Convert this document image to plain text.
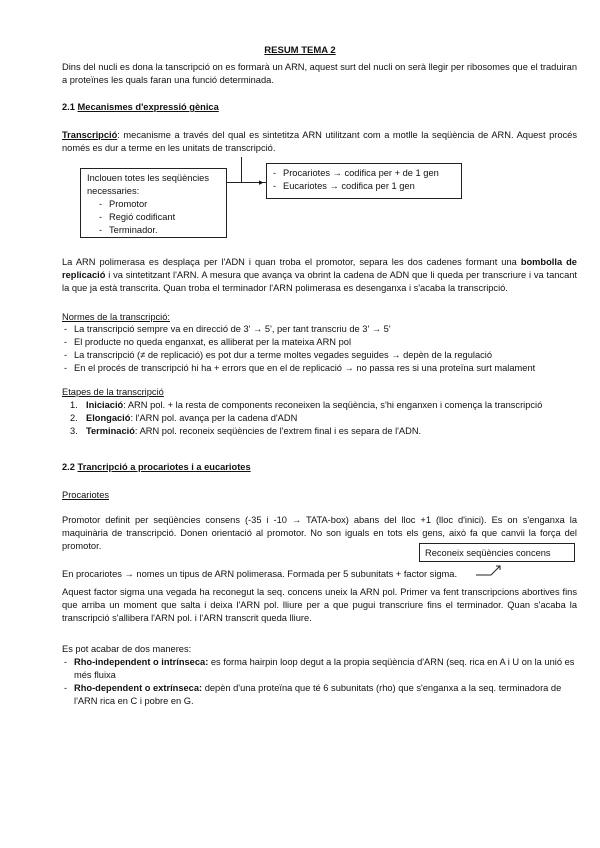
RESUM TEMA 2
Dins del nucli es dona la tanscripció on es formarà un ARN, aquest surt del nucli on serà llegir per ribosomes que el traduiran a proteïnes les quals faran una funció determinada.
2.1 Mecanismes d'expressió gènica
Transcripció: mecanisme a través del qual es sintetitza ARN utilitzant com a motlle la seqüència de ARN. Aquest procés només es dur a terme en les unitats de transcripció.
▸
Inclouen totes les seqüències necessaries:
- Promotor
- Regió codificant
- Terminador.
- Procariotes → codifica per + de 1 gen
- Eucariotes → codifica per 1 gen
La ARN polimerasa es desplaça per l'ADN i quan troba el promotor, separa les dos cadenes formant una bombolla de replicació i va sintetitzant l'ARN. A mesura que avança va obrint la cadena de ADN que li queda per transcriure i va tancant la que ja està transcrita. Quan troba el terminador l'ARN polimerasa es desenganxa i s'acaba la transcripció.
Normes de la transcripció:
- La transcripció sempre va en direcció de 3' → 5', per tant transcriu de 3' → 5'
- El producte no queda enganxat, es alliberat per la mateixa ARN pol
- La transcripció (≠ de replicació) es pot dur a terme moltes vegades seguides → depèn de la regulació
- En el procés de transcripció hi ha + errors que en el de replicació → no passa res si una proteïna surt malament
Etapes de la transcripció
1. Iniciació: ARN pol. + la resta de components reconeixen la seqüència, s'hi enganxen i comença la transcripció
2. Elongació: l'ARN pol. avança per la cadena d'ADN
3. Terminació: ARN pol. reconeix seqüències de l'extrem final i es separa de l'ADN.
2.2 Trancripció a procariotes i a eucariotes
Procariotes
Promotor definit per seqüències consens (-35 i -10 → TATA-box) abans del lloc +1 (lloc d'inici). Es on s'enganxa la maquinària de transcripció. Donen orientació al promotor. No son iguals en tots els gens, això fa que canvii la força del promotor.
Reconeix seqüències concens
En procariotes → nomes un tipus de ARN polimerasa. Formada per 5 subunitats + factor sigma.
Aquest factor sigma una vegada ha reconegut la seq. concens uneix la ARN pol. Primer va fent transcripcions abortives fins que arriba un moment que salta i deixa l'ARN pol. lliure per a que pugui transcriure fins el terminador. Quan s'acaba la transcripció s'allibera l'ARN pol. i l'ARN transcrit queda lliure.
Es pot acabar de dos maneres:
- Rho-independent o intrínseca: es forma hairpin loop degut a la propia seqüència d'ARN (seq. rica en A i U on la unió es més fluixa
- Rho-dependent o extrínseca: depèn d'una proteïna que té 6 subunitats (rho) que s'enganxa a la seq. terminadora de l'ARN rica en C i pobre en G.
